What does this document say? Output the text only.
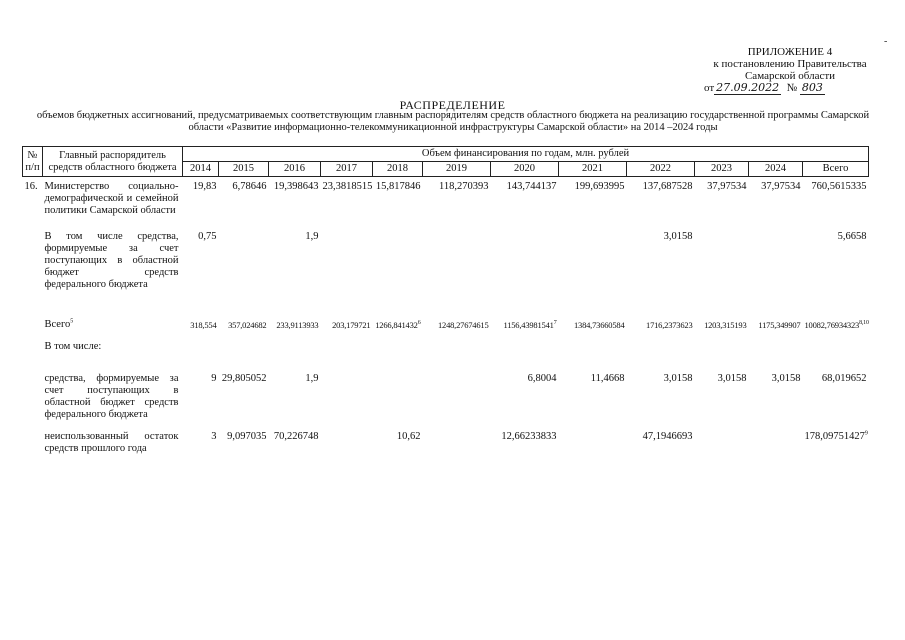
ПРИЛОЖЕНИЕ 4
к постановлению Правительства
Самарской области
от 27.09.2022 № 803
РАСПРЕДЕЛЕНИЕ
объемов бюджетных ассигнований, предусматриваемых соответствующим главным распорядителям средств областного бюджета на реализацию государственной программы Самарской области «Развитие информационно-телекоммуникационной инфраструктуры Самарской области» на 2014 –2024 годы
-
№ п/п	Главный распорядитель средств областного бюджета	Объем финансирования по годам, млн. рублей											
		2014	2015	2016	2017	2018	2019	2020	2021	2022	2023	2024	Всего
16.	Министерство социально-демографической и семейной политики Самарской области	19,83	6,78646	19,398643	23,3818515	15,817846	118,270393	143,744137	199,693995	137,687528	37,97534	37,97534	760,5615335
	В том числе средства, формируемые за счет поступающих в областной бюджет средств федерального бюджета	0,75		1,9						3,0158			5,6658
	Всего$^5$	318,554	357,024682	233,9113933	203,179721	1266,841432$^6$	1248,27674615	1156,43981541$^7$	1384,73660584	1716,2373623	1203,315193	1175,349907	10082,76934323$^{8,10}$
	В том числе:												
	средства, формируемые за счет поступающих в областной бюджет средств федерального бюджета	9	29,805052	1,9				6,8004	11,4668	3,0158	3,0158	3,0158	68,019652
	неиспользованный остаток средств прошлого года	3	9,097035	70,226748		10,62		12,66233833		47,1946693			178,09751427$^9$
